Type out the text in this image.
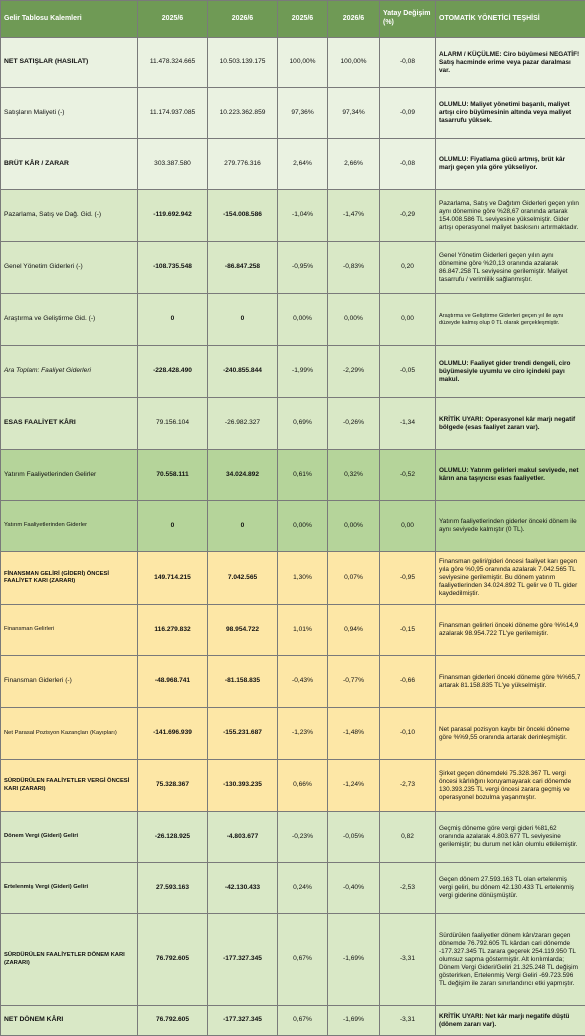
Gelir Tablosu Kalemleri	2025/6	2026/6	2025/6	2026/6	Yatay Değişim (%)	OTOMATİK YÖNETİCİ TEŞHİSİ
NET SATIŞLAR (HASILAT)	11.478.324.665	10.503.139.175	100,00%	100,00%	-0,08	ALARM / KÜÇÜLME: Ciro büyümesi NEGATİF! Satış hacminde erime veya pazar daralması var.
Satışların Maliyeti (-)	11.174.937.085	10.223.362.859	97,36%	97,34%	-0,09	OLUMLU: Maliyet yönetimi başarılı, maliyet artışı ciro büyümesinin altında veya maliyet tasarrufu yüksek.
BRÜT KÂR / ZARAR	303.387.580	279.776.316	2,64%	2,66%	-0,08	OLUMLU: Fiyatlama gücü artmış, brüt kâr marjı geçen yıla göre yükseliyor.
Pazarlama, Satış ve Dağ. Gid. (-)	-119.692.942	-154.008.586	-1,04%	-1,47%	-0,29	Pazarlama, Satış ve Dağıtım Giderleri geçen yılın aynı dönemine göre %28,67 oranında artarak 154.008.586 TL seviyesine yükselmiştir. Gider artışı operasyonel maliyet baskısını artırmaktadır.
Genel Yönetim Giderleri (-)	-108.735.548	-86.847.258	-0,95%	-0,83%	0,20	Genel Yönetim Giderleri geçen yılın aynı dönemine göre %20,13 oranında azalarak 86.847.258 TL seviyesine gerilemiştir. Maliyet tasarrufu / verimlilik sağlanmıştır.
Araştırma ve Geliştirme Gid. (-)	0	0	0,00%	0,00%	0,00	Araştırma ve Geliştirme Giderleri geçen yıl ile aynı düzeyde kalmış olup 0 TL olarak gerçekleşmiştir.
Ara Toplam: Faaliyet Giderleri	-228.428.490	-240.855.844	-1,99%	-2,29%	-0,05	OLUMLU: Faaliyet gider trendi dengeli, ciro büyümesiyle uyumlu ve ciro içindeki payı makul.
ESAS FAALİYET KÂRI	79.156.104	-26.982.327	0,69%	-0,26%	-1,34	KRİTİK UYARI: Operasyonel kâr marjı negatif bölgede (esas faaliyet zararı var).
Yatırım Faaliyetlerinden Gelirler	70.558.111	34.024.892	0,61%	0,32%	-0,52	OLUMLU: Yatırım gelirleri makul seviyede, net kârın ana taşıyıcısı esas faaliyetler.
Yatırım Faaliyetlerinden Giderler	0	0	0,00%	0,00%	0,00	Yatırım faaliyetlerinden giderler önceki dönem ile aynı seviyede kalmıştır (0 TL).
FİNANSMAN GELİRİ (GİDERİ) ÖNCESİ FAALİYET KARI (ZARARI)	149.714.215	7.042.565	1,30%	0,07%	-0,95	Finansman geliri/gideri öncesi faaliyet karı geçen yıla göre %0,95 oranında azalarak 7.042.565 TL seviyesine gerilemiştir. Bu dönem yatırım faaliyetlerinden 34.024.892 TL gelir ve 0 TL gider kaydedilmiştir.
Finansman Gelirleri	116.279.832	98.954.722	1,01%	0,94%	-0,15	Finansman gelirleri önceki döneme göre %%14,9 azalarak 98.954.722 TL'ye gerilemiştir.
Finansman Giderleri (-)	-48.968.741	-81.158.835	-0,43%	-0,77%	-0,66	Finansman giderleri önceki döneme göre %%65,7 artarak 81.158.835 TL'ye yükselmiştir.
Net Parasal Pozisyon Kazançları (Kayıpları)	-141.696.939	-155.231.687	-1,23%	-1,48%	-0,10	Net parasal pozisyon kaybı bir önceki döneme göre %%9,55 oranında artarak derinleşmiştir.
SÜRDÜRÜLEN FAALİYETLER VERGİ ÖNCESİ KARI (ZARARI)	75.328.367	-130.393.235	0,66%	-1,24%	-2,73	Şirket geçen dönemdeki 75.328.367 TL vergi öncesi kârlılığını koruyamayarak cari dönemde 130.393.235 TL vergi öncesi zarara geçmiş ve operasyonel bozulma yaşanmıştır.
Dönem Vergi (Gideri) Geliri	-26.128.925	-4.803.677	-0,23%	-0,05%	0,82	Geçmiş döneme göre vergi gideri %81,62 oranında azalarak 4.803.677 TL seviyesine gerilemiştir; bu durum net kârı olumlu etkilemiştir.
Ertelenmiş Vergi (Gideri) Geliri	27.593.163	-42.130.433	0,24%	-0,40%	-2,53	Geçen dönem 27.593.163 TL olan ertelenmiş vergi geliri, bu dönem 42.130.433 TL ertelenmiş vergi giderine dönüşmüştür.
SÜRDÜRÜLEN FAALİYETLER DÖNEM KARI (ZARARI)	76.792.605	-177.327.345	0,67%	-1,69%	-3,31	Sürdürülen faaliyetler dönem kârı/zararı geçen dönemde 76.792.605 TL kârdan cari dönemde -177.327.345 TL zarara geçerek 254.119.950 TL olumsuz sapma göstermiştir. Alt kırılımlarda; Dönem Vergi Gideri/Geliri 21.325.248 TL değişim gösterirken, Ertelenmiş Vergi Geliri -69.723.596 TL değişim ile zararı sınırlandırıcı etki yapmıştır.
NET DÖNEM KÂRI	76.792.605	-177.327.345	0,67%	-1,69%	-3,31	KRİTİK UYARI: Net kâr marjı negatife düştü (dönem zararı var).
